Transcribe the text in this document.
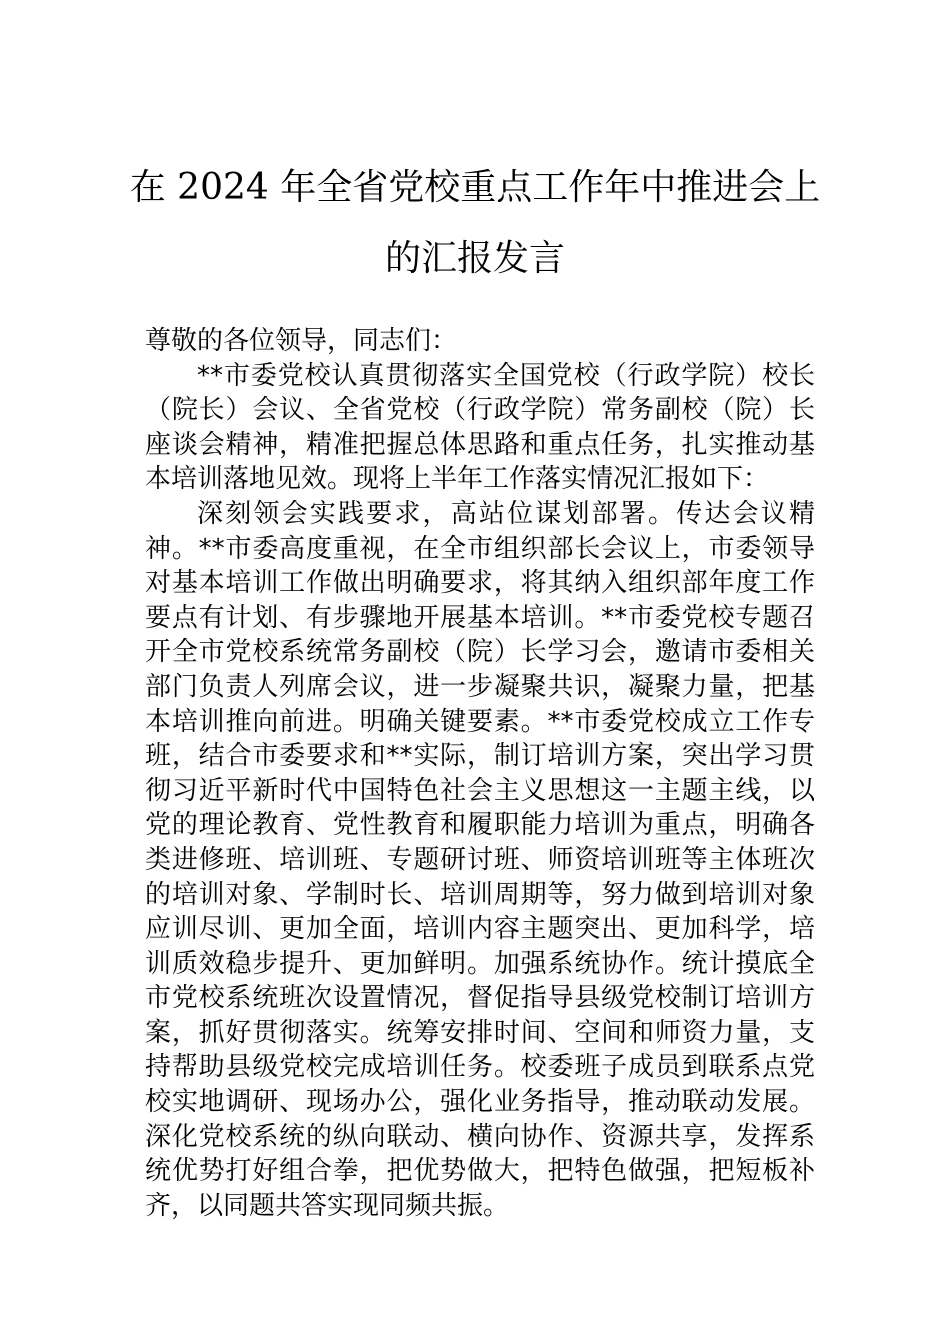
在 2024 年全省党校重点工作年中推进会上
的汇报发言

尊敬的各位领导，同志们：

**市委党校认真贯彻落实全国党校（行政学院）校长（院长）会议、全省党校（行政学院）常务副校（院）长座谈会精神，精准把握总体思路和重点任务，扎实推动基本培训落地见效。现将上半年工作落实情况汇报如下：

深刻领会实践要求，高站位谋划部署。传达会议精神。**市委高度重视，在全市组织部长会议上，市委领导对基本培训工作做出明确要求，将其纳入组织部年度工作要点有计划、有步骤地开展基本培训。**市委党校专题召开全市党校系统常务副校（院）长学习会，邀请市委相关部门负责人列席会议，进一步凝聚共识，凝聚力量，把基本培训推向前进。明确关键要素。**市委党校成立工作专班，结合市委要求和**实际，制订培训方案，突出学习贯彻习近平新时代中国特色社会主义思想这一主题主线，以党的理论教育、党性教育和履职能力培训为重点，明确各类进修班、培训班、专题研讨班、师资培训班等主体班次的培训对象、学制时长、培训周期等，努力做到培训对象应训尽训、更加全面，培训内容主题突出、更加科学，培训质效稳步提升、更加鲜明。加强系统协作。统计摸底全市党校系统班次设置情况，督促指导县级党校制订培训方案，抓好贯彻落实。统筹安排时间、空间和师资力量，支持帮助县级党校完成培训任务。校委班子成员到联系点党校实地调研、现场办公，强化业务指导，推动联动发展。深化党校系统的纵向联动、横向协作、资源共享，发挥系统优势打好组合拳，把优势做大，把特色做强，把短板补齐，以同题共答实现同频共振。
